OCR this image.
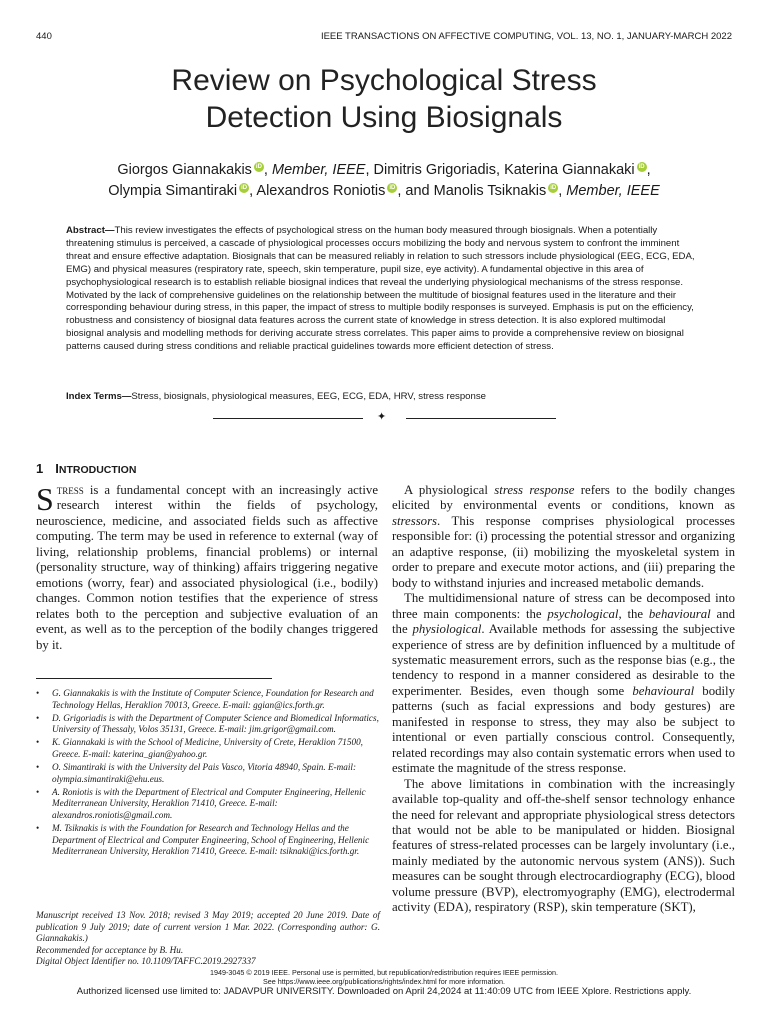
440	IEEE TRANSACTIONS ON AFFECTIVE COMPUTING, VOL. 13, NO. 1, JANUARY-MARCH 2022
Review on Psychological Stress
Detection Using Biosignals
Giorgos Giannakakis iD , Member, IEEE, Dimitris Grigoriadis, Katerina Giannakaki iD ,
Olympia Simantiraki iD , Alexandros Roniotis iD , and Manolis Tsiknakis iD , Member, IEEE
Abstract—This review investigates the effects of psychological stress on the human body measured through biosignals. When a potentially threatening stimulus is perceived, a cascade of physiological processes occurs mobilizing the body and nervous system to confront the imminent threat and ensure effective adaptation. Biosignals that can be measured reliably in relation to such stressors include physiological (EEG, ECG, EDA, EMG) and physical measures (respiratory rate, speech, skin temperature, pupil size, eye activity). A fundamental objective in this area of psychophysiological research is to establish reliable biosignal indices that reveal the underlying physiological mechanisms of the stress response. Motivated by the lack of comprehensive guidelines on the relationship between the multitude of biosignal features used in the literature and their corresponding behaviour during stress, in this paper, the impact of stress to multiple bodily responses is surveyed. Emphasis is put on the efficiency, robustness and consistency of biosignal data features across the current state of knowledge in stress detection. It is also explored multimodal biosignal analysis and modelling methods for deriving accurate stress correlates. This paper aims to provide a comprehensive review on biosignal patterns caused during stress conditions and reliable practical guidelines towards more efficient detection of stress.
Index Terms—Stress, biosignals, physiological measures, EEG, ECG, EDA, HRV, stress response
✦
1 INTRODUCTION
Stress is a fundamental concept with an increasingly active research interest within the fields of psychology, neuroscience, medicine, and associated fields such as affective computing. The term may be used in reference to external (way of living, relationship problems, financial problems) or internal (personality structure, way of thinking) affairs triggering negative emotions (worry, fear) and associated physiological (i.e., bodily) changes. Common notion testifies that the experience of stress relates both to the perception and subjective evaluation of an event, as well as to the perception of the bodily changes triggered by it.
•	G. Giannakakis is with the Institute of Computer Science, Foundation for Research and Technology Hellas, Heraklion 70013, Greece. E-mail: ggian@ics.forth.gr.
•	D. Grigoriadis is with the Department of Computer Science and Biomedical Informatics, University of Thessaly, Volos 35131, Greece. E-mail: jim.grigor@gmail.com.
•	K. Giannakaki is with the School of Medicine, University of Crete, Heraklion 71500, Greece. E-mail: katerina_gian@yahoo.gr.
•	O. Simantiraki is with the University del Pais Vasco, Vitoria 48940, Spain. E-mail: olympia.simantiraki@ehu.eus.
•	A. Roniotis is with the Department of Electrical and Computer Engineering, Hellenic Mediterranean University, Heraklion 71410, Greece. E-mail: alexandros.roniotis@gmail.com.
•	M. Tsiknakis is with the Foundation for Research and Technology Hellas and the Department of Electrical and Computer Engineering, School of Engineering, Hellenic Mediterranean University, Heraklion 71410, Greece. E-mail: tsiknaki@ics.forth.gr.
Manuscript received 13 Nov. 2018; revised 3 May 2019; accepted 20 June 2019. Date of publication 9 July 2019; date of current version 1 Mar. 2022. (Corresponding author: G. Giannakakis.)
Recommended for acceptance by B. Hu.
Digital Object Identifier no. 10.1109/TAFFC.2019.2927337

A physiological stress response refers to the bodily changes elicited by environmental events or conditions, known as stressors. This response comprises physiological processes responsible for: (i) processing the potential stressor and organizing an adaptive response, (ii) mobilizing the myoskeletal system in order to prepare and execute motor actions, and (iii) preparing the body to withstand injuries and increased metabolic demands.

The multidimensional nature of stress can be decomposed into three main components: the psychological, the behavioural and the physiological. Available methods for assessing the subjective experience of stress are by definition influenced by a multitude of systematic measurement errors, such as the response bias (e.g., the tendency to respond in a manner considered as desirable to the experimenter. Besides, even though some behavioural bodily patterns (such as facial expressions and body gestures) are manifested in response to stress, they may also be subject to intentional or even partially conscious control. Consequently, related recordings may also contain systematic errors when used to estimate the magnitude of the stress response.

The above limitations in combination with the increasingly available top-quality and off-the-shelf sensor technology enhance the need for relevant and appropriate physiological stress detectors that would not be able to be manipulated or hidden. Biosignal features of stress-related processes can be largely involuntary (i.e., mainly mediated by the autonomic nervous system (ANS)). Such measures can be sought through electrocardiography (ECG), blood volume pressure (BVP), electromyography (EMG), electrodermal activity (EDA), respiratory (RSP), skin temperature (SKT),

1949-3045 © 2019 IEEE. Personal use is permitted, but republication/redistribution requires IEEE permission.
See https://www.ieee.org/publications/rights/index.html for more information.
Authorized licensed use limited to: JADAVPUR UNIVERSITY. Downloaded on April 24,2024 at 11:40:09 UTC from IEEE Xplore. Restrictions apply.
